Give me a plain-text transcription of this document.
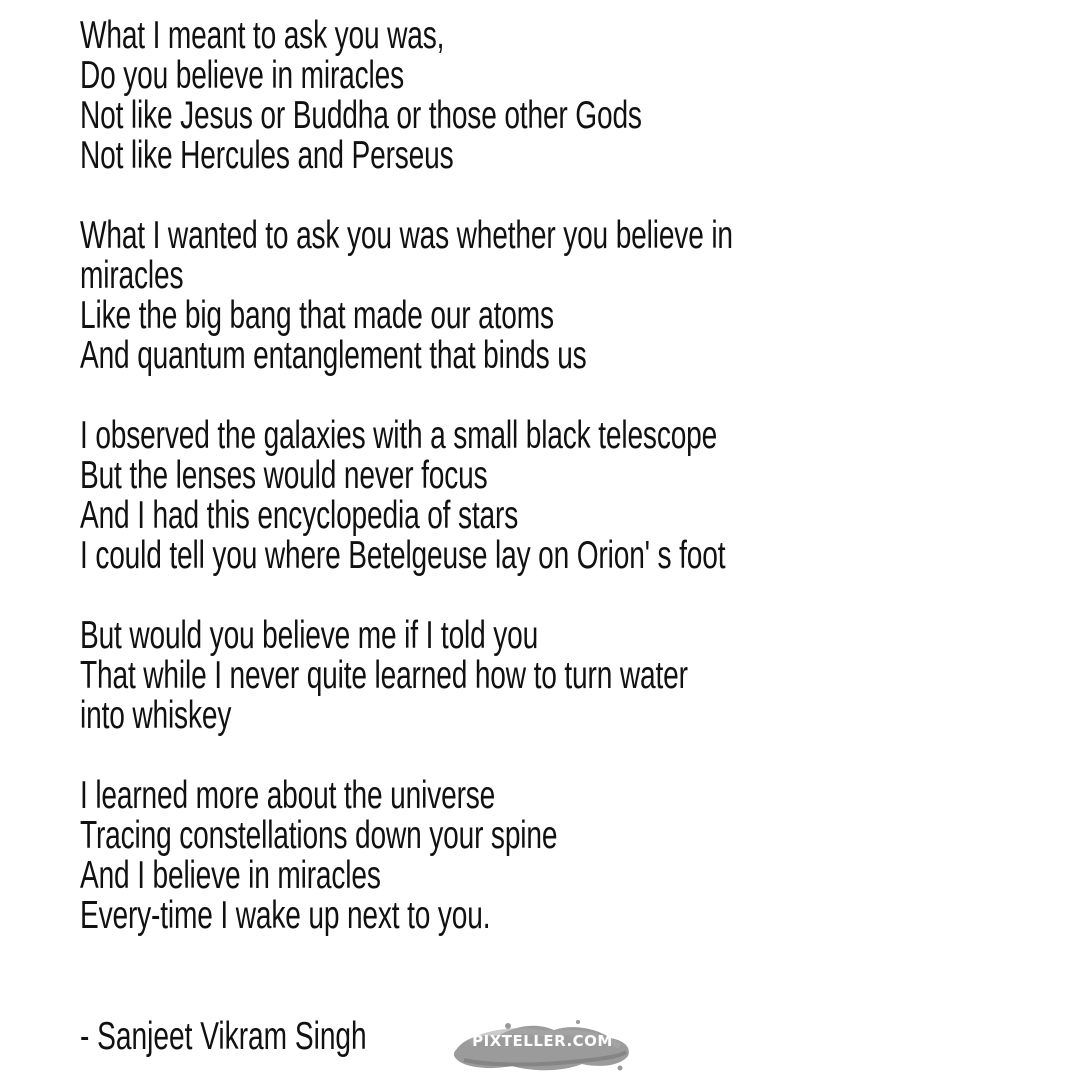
What I meant to ask you was,
Do you believe in miracles
Not like Jesus or Buddha or those other Gods
Not like Hercules and Perseus
What I wanted to ask you was whether you believe in
miracles
Like the big bang that made our atoms
And quantum entanglement that binds us
I observed the galaxies with a small black telescope
But the lenses would never focus
And I had this encyclopedia of stars
I could tell you where Betelgeuse lay on Orion' s foot
But would you believe me if I told you
That while I never quite learned how to turn water
into whiskey
I learned more about the universe
Tracing constellations down your spine
And I believe in miracles
Every-time I wake up next to you.
- Sanjeet Vikram Singh	PIXTELLER.COM
